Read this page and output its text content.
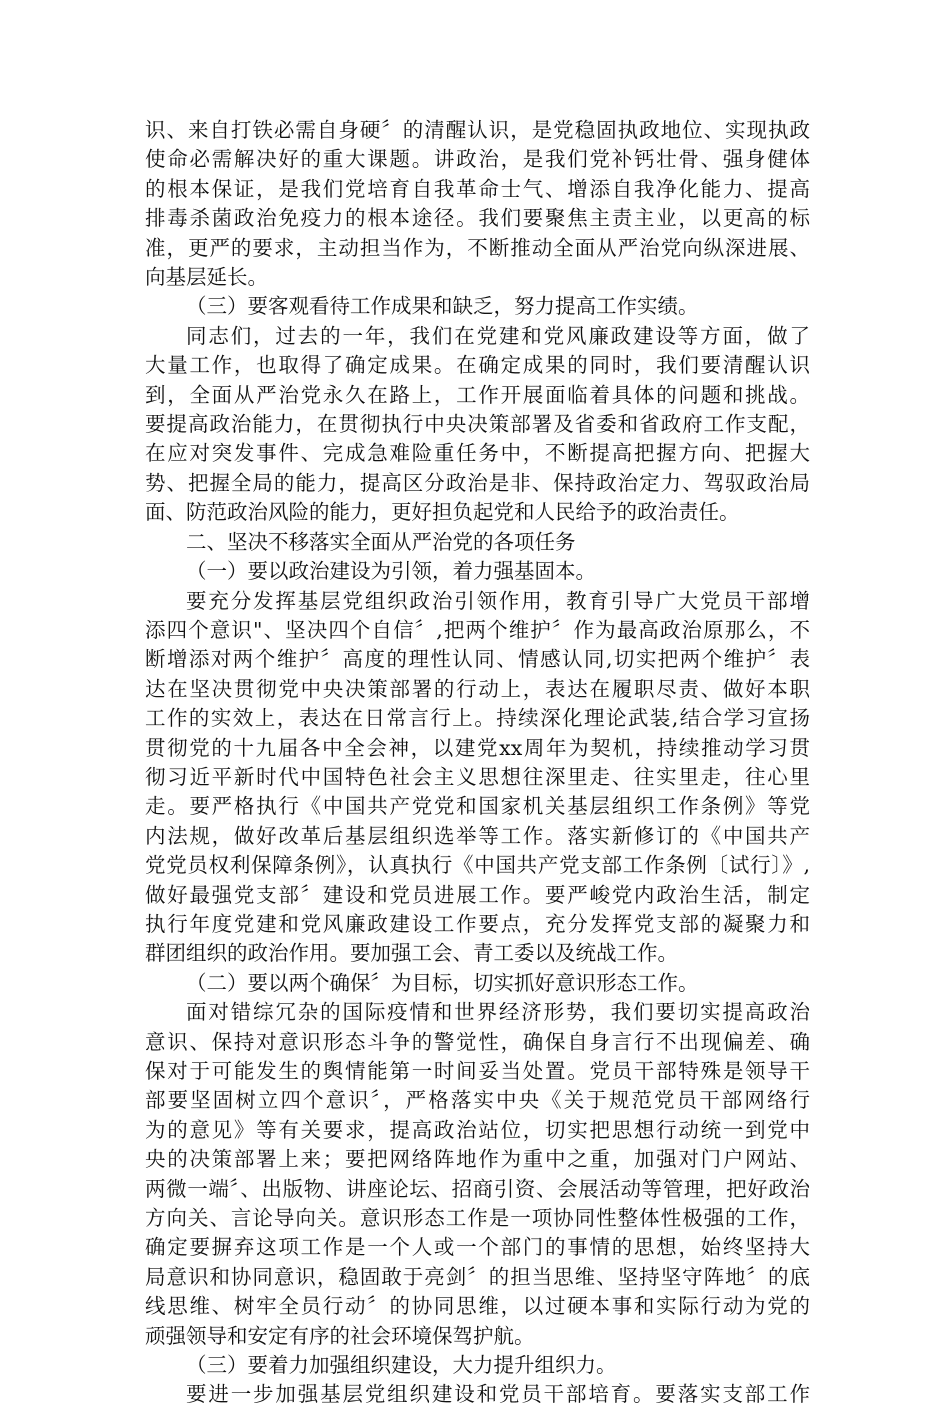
识、来自打铁必需自身硬〞的清醒认识，是党稳固执政地位、实现执政
使命必需解决好的重大课题。讲政治，是我们党补钙壮骨、强身健体
的根本保证，是我们党培育自我革命士气、增添自我净化能力、提高
排毒杀菌政治免疫力的根本途径。我们要聚焦主责主业，以更高的标
准，更严的要求，主动担当作为，不断推动全面从严治党向纵深进展、
向基层延长。
（三）要客观看待工作成果和缺乏，努力提高工作实绩。
同志们，过去的一年，我们在党建和党风廉政建设等方面，做了
大量工作，也取得了确定成果。在确定成果的同时，我们要清醒认识
到，全面从严治党永久在路上，工作开展面临着具体的问题和挑战。
要提高政治能力，在贯彻执行中央决策部署及省委和省政府工作支配，
在应对突发事件、完成急难险重任务中，不断提高把握方向、把握大
势、把握全局的能力，提高区分政治是非、保持政治定力、驾驭政治局
面、防范政治风险的能力，更好担负起党和人民给予的政治责任。
二、坚决不移落实全面从严治党的各项任务
（一）要以政治建设为引领，着力强基固本。
要充分发挥基层党组织政治引领作用，教育引导广大党员干部增
添四个意识"、坚决四个自信〞,把两个维护〞作为最高政治原那么，不
断增添对两个维护〞高度的理性认同、情感认同,切实把两个维护〞表
达在坚决贯彻党中央决策部署的行动上，表达在履职尽责、做好本职
工作的实效上，表达在日常言行上。持续深化理论武装,结合学习宣扬
贯彻党的十九届各中全会神，以建党xx周年为契机，持续推动学习贯
彻习近平新时代中国特色社会主义思想往深里走、往实里走，往心里
走。要严格执行《中国共产党党和国家机关基层组织工作条例》等党
内法规，做好改革后基层组织选举等工作。落实新修订的《中国共产
党党员权利保障条例》，认真执行《中国共产党支部工作条例〔试行〕》,
做好最强党支部〞建设和党员进展工作。要严峻党内政治生活，制定
执行年度党建和党风廉政建设工作要点，充分发挥党支部的凝聚力和
群团组织的政治作用。要加强工会、青工委以及统战工作。
（二）要以两个确保〞为目标，切实抓好意识形态工作。
面对错综冗杂的国际疫情和世界经济形势，我们要切实提高政治
意识、保持对意识形态斗争的警觉性，确保自身言行不出现偏差、确
保对于可能发生的舆情能第一时间妥当处置。党员干部特殊是领导干
部要坚固树立四个意识〞，严格落实中央《关于规范党员干部网络行
为的意见》等有关要求，提高政治站位，切实把思想行动统一到党中
央的决策部署上来；要把网络阵地作为重中之重，加强对门户网站、
两微一端〞、出版物、讲座论坛、招商引资、会展活动等管理，把好政治
方向关、言论导向关。意识形态工作是一项协同性整体性极强的工作，
确定要摒弃这项工作是一个人或一个部门的事情的思想，始终坚持大
局意识和协同意识，稳固敢于亮剑〞的担当思维、坚持坚守阵地〞的底
线思维、树牢全员行动〞的协同思维，以过硬本事和实际行动为党的
顽强领导和安定有序的社会环境保驾护航。
（三）要着力加强组织建设，大力提升组织力。
要进一步加强基层党组织建设和党员干部培育。要落实支部工作
